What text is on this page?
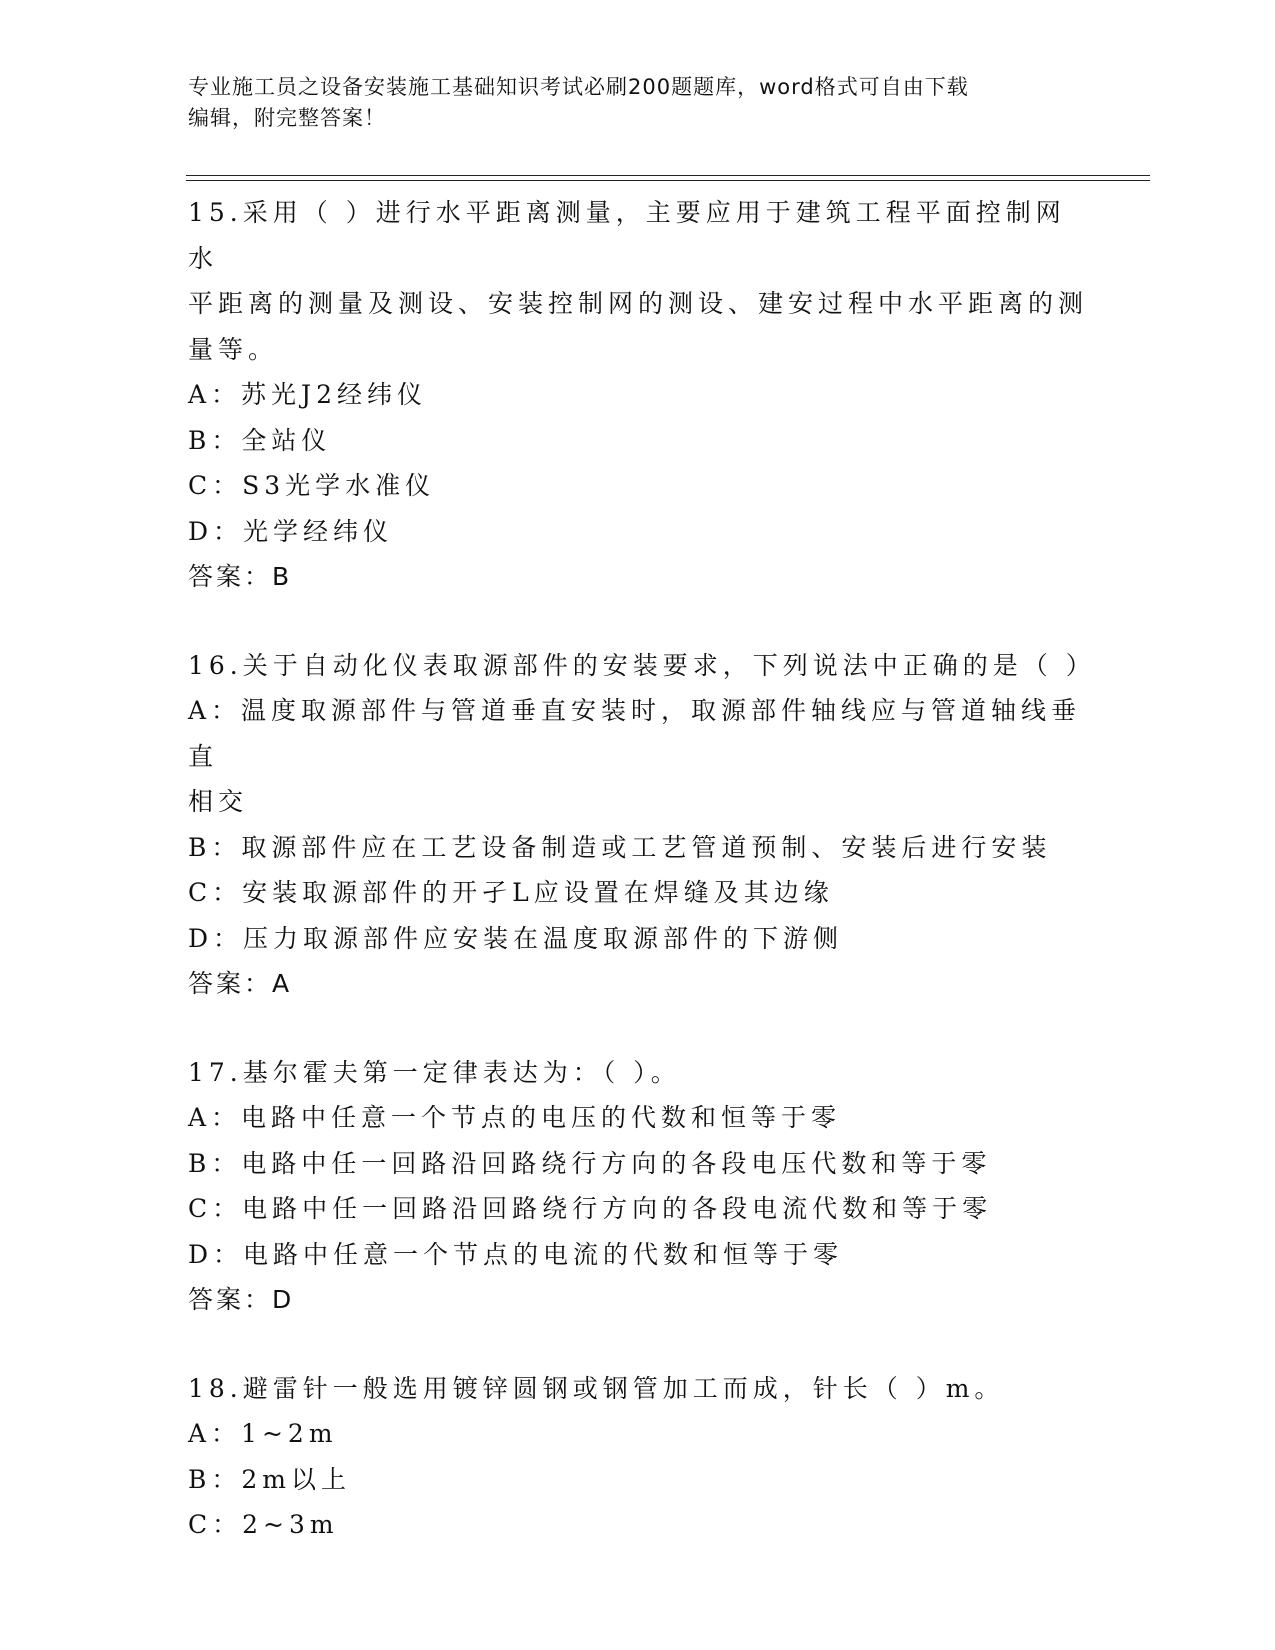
专业施工员之设备安装施工基础知识考试必刷200题题库，word格式可自由下载
编辑，附完整答案！
15.采用（ ）进行水平距离测量，主要应用于建筑工程平面控制网水
平距离的测量及测设、安装控制网的测设、建安过程中水平距离的测
量等。
A：苏光J2经纬仪
B：全站仪
C：S3光学水准仪
D：光学经纬仪
答案：B
16.关于自动化仪表取源部件的安装要求，下列说法中正确的是（ ）
A：温度取源部件与管道垂直安装时，取源部件轴线应与管道轴线垂直
相交
B：取源部件应在工艺设备制造或工艺管道预制、安装后进行安装
C：安装取源部件的开孑L应设置在焊缝及其边缘
D：压力取源部件应安装在温度取源部件的下游侧
答案：A
17.基尔霍夫第一定律表达为：（ ）。
A：电路中任意一个节点的电压的代数和恒等于零
B：电路中任一回路沿回路绕行方向的各段电压代数和等于零
C：电路中任一回路沿回路绕行方向的各段电流代数和等于零
D：电路中任意一个节点的电流的代数和恒等于零
答案：D
18.避雷针一般选用镀锌圆钢或钢管加工而成，针长（ ）m。
A：1~2m
B：2m以上
C：2~3m
